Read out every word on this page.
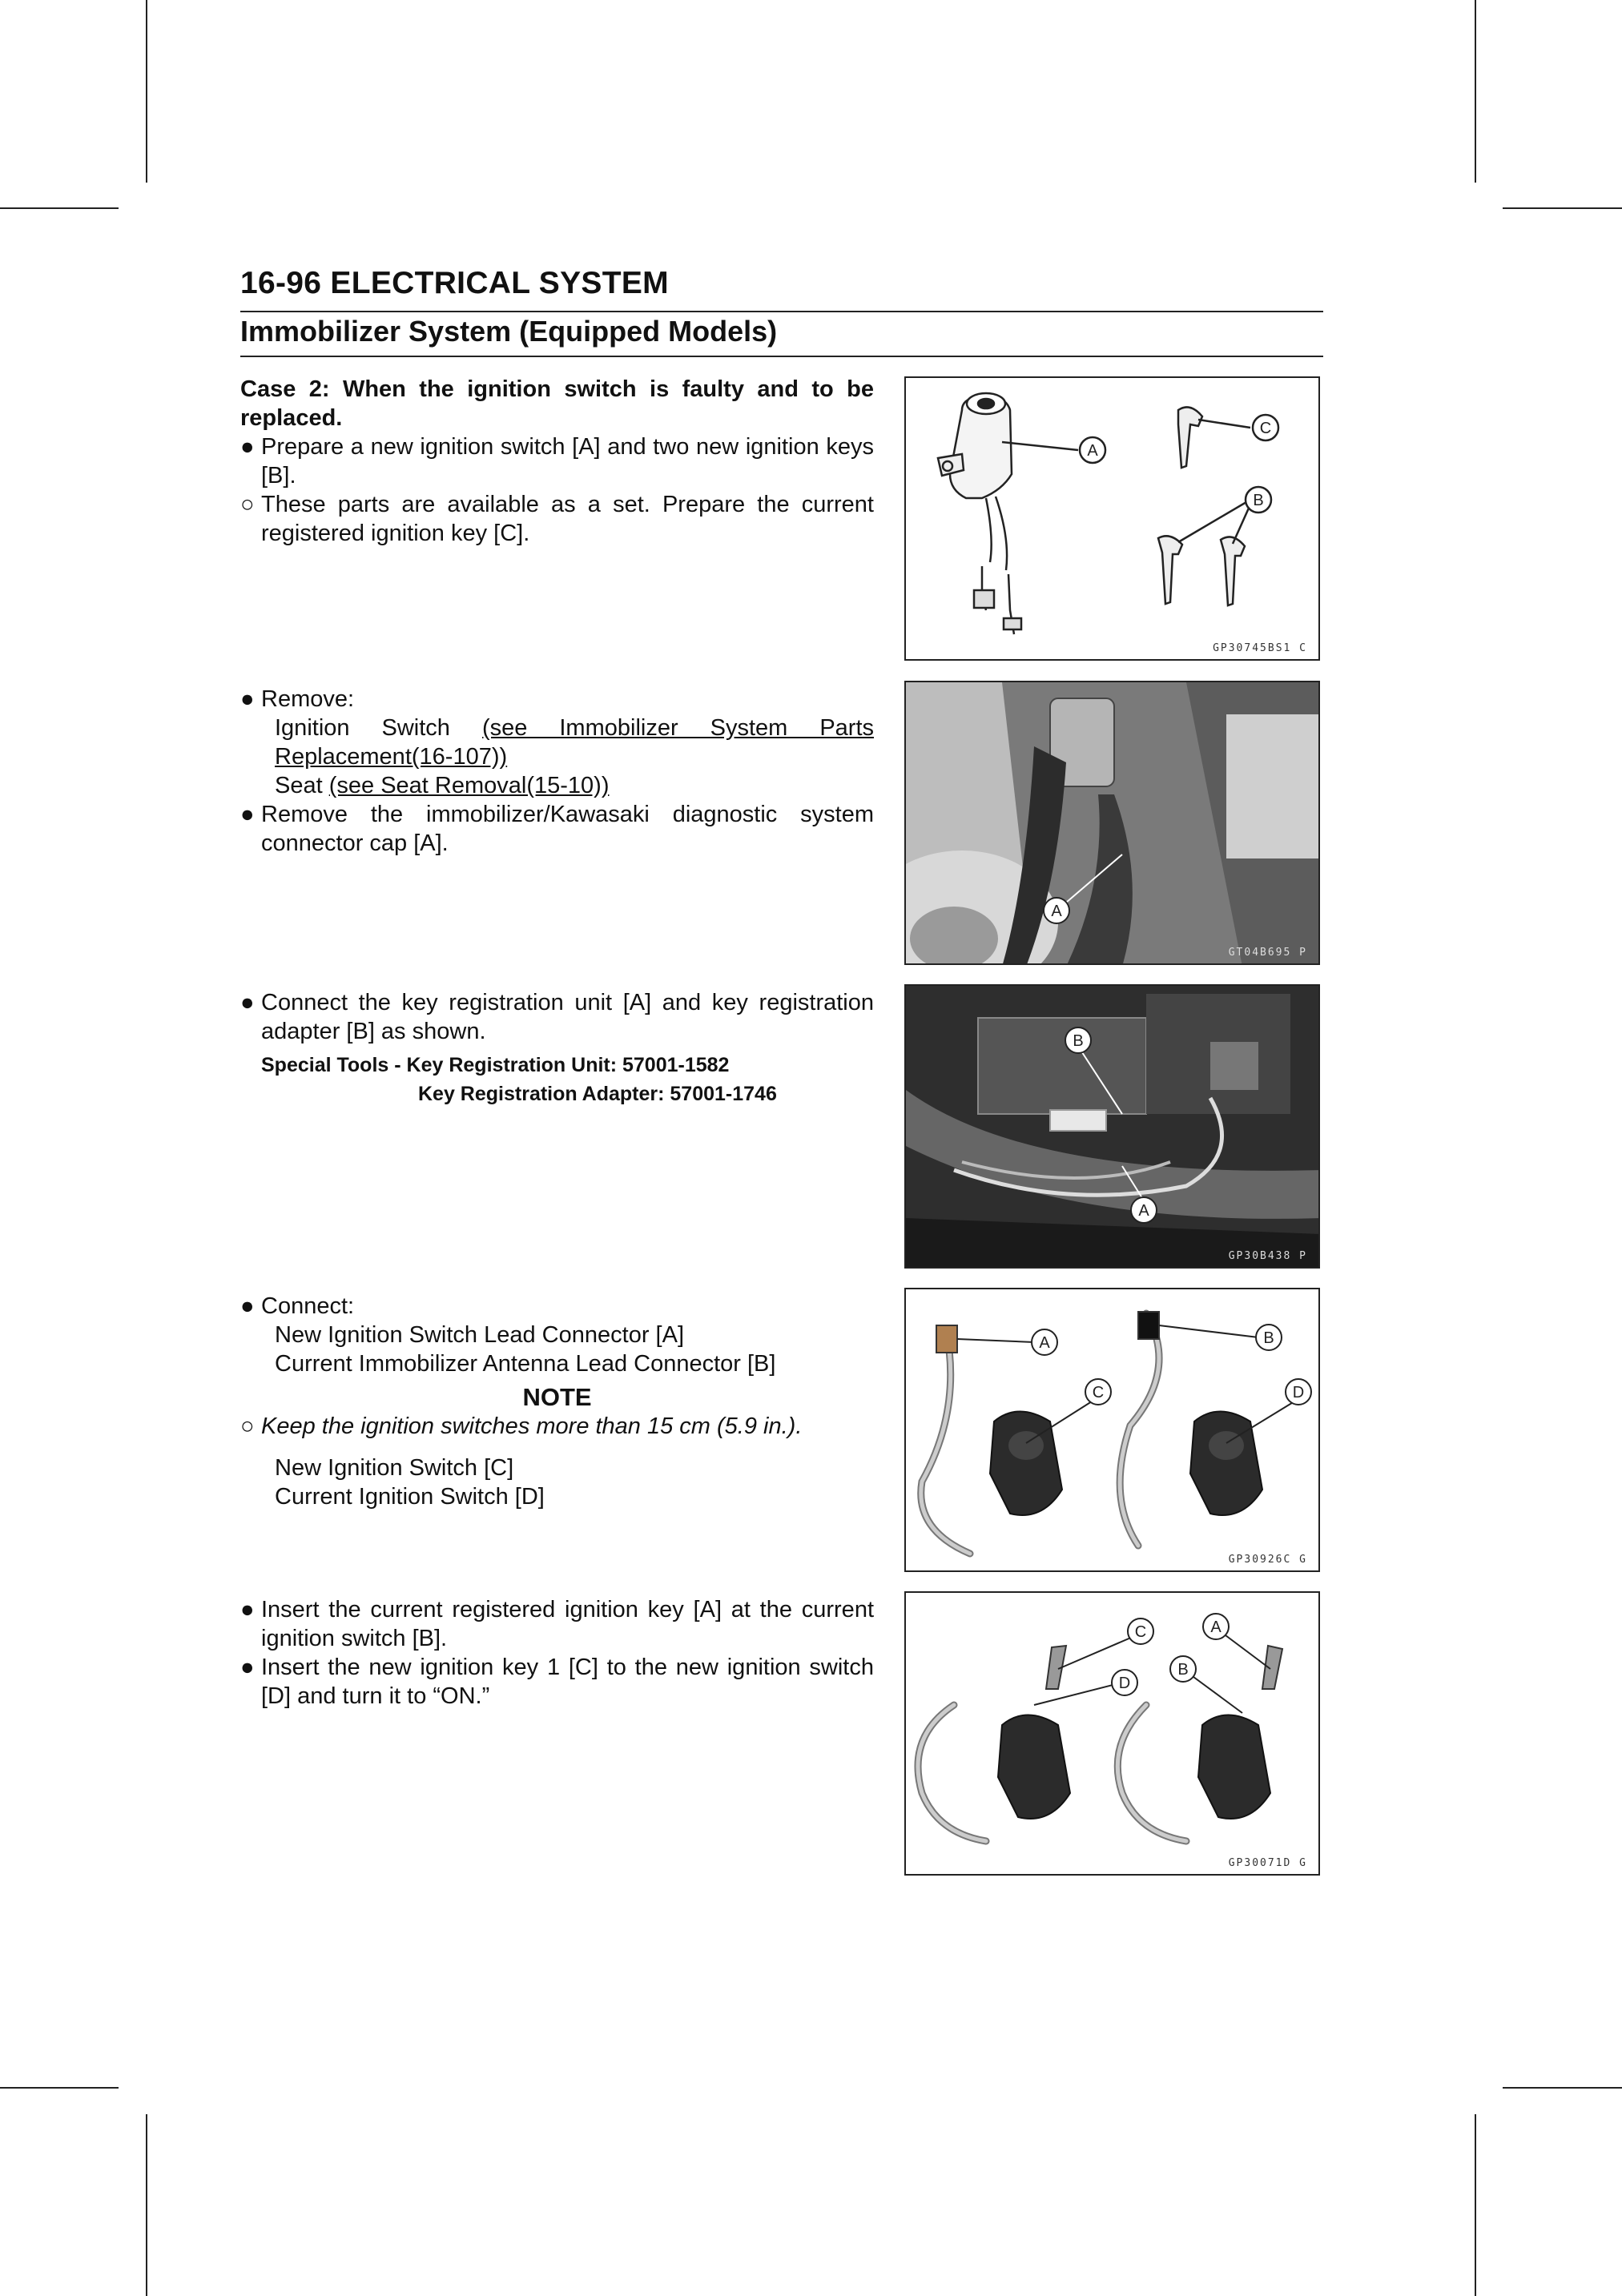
16-96 ELECTRICAL SYSTEM
Immobilizer System (Equipped Models)

Case 2: When the ignition switch is faulty and to be replaced.

● Prepare a new ignition switch [A] and two new ignition keys [B].

○ These parts are available as a set. Prepare the current registered ignition key [C].

A
C
B
GP30745BS1 C

● Remove:

Ignition Switch (see Immobilizer System Parts Replacement(16-107))

Seat (see Seat Removal(15-10))

● Remove the immobilizer/Kawasaki diagnostic system connector cap [A].

A
GT04B695 P

● Connect the key registration unit [A] and key registration adapter [B] as shown.

Special Tools - Key Registration Unit: 57001-1582
Key Registration Adapter: 57001-1746
B
A
GP30B438 P

● Connect:

New Ignition Switch Lead Connector [A]

Current Immobilizer Antenna Lead Connector [B]

NOTE

○ Keep the ignition switches more than 15 cm (5.9 in.).

New Ignition Switch [C]

Current Ignition Switch [D]

A	B
C	D
GP30926C G

● Insert the current registered ignition key [A] at the current ignition switch [B].

● Insert the new ignition key 1 [C] to the new ignition switch [D] and turn it to “ON.”

C	A
D
B
GP30071D G
